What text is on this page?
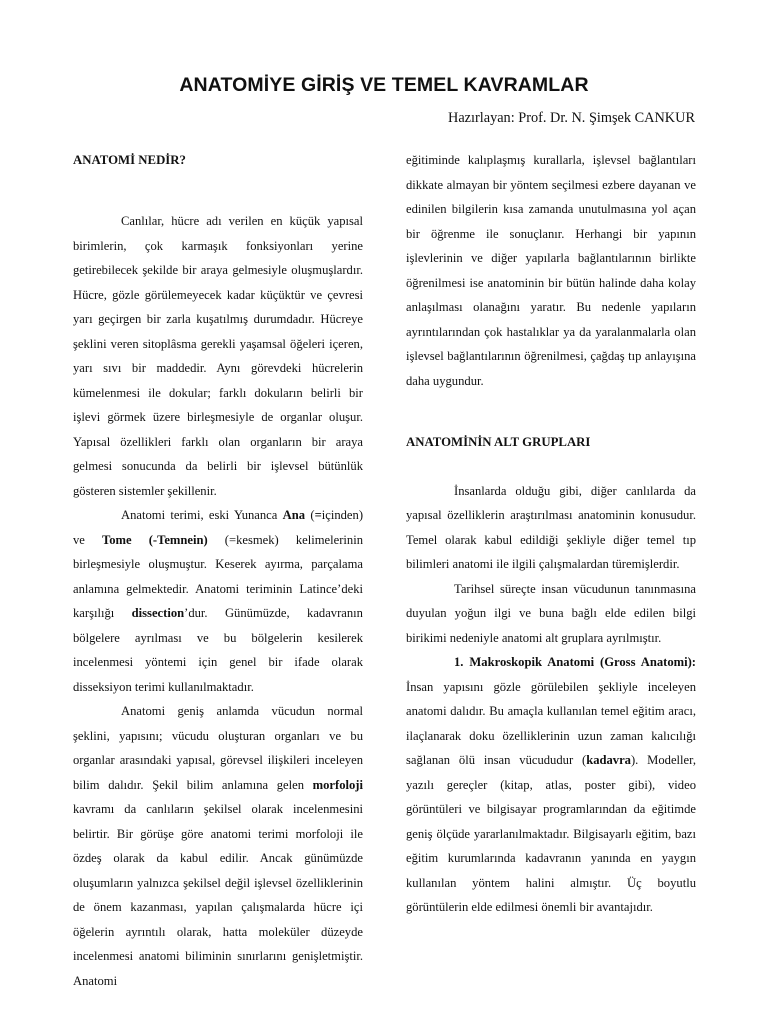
ANATOMİYE GİRİŞ VE TEMEL KAVRAMLAR
Hazırlayan: Prof. Dr. N. Şimşek CANKUR
ANATOMİ NEDİR?

Canlılar, hücre adı verilen en küçük yapısal birimlerin, çok karmaşık fonksiyonları yerine getirebilecek şekilde bir araya gelmesiyle oluşmuşlardır. Hücre, gözle görülemeyecek kadar küçüktür ve çevresi yarı geçirgen bir zarla kuşatılmış durumdadır. Hücreye şeklini veren sitoplâsma gerekli yaşamsal öğeleri içeren, yarı sıvı bir maddedir. Aynı görevdeki hücrelerin kümelenmesi ile dokular; farklı dokuların belirli bir işlevi görmek üzere birleşmesiyle de organlar oluşur. Yapısal özellikleri farklı olan organların bir araya gelmesi sonucunda da belirli bir işlevsel bütünlük gösteren sistemler şekillenir.

Anatomi terimi, eski Yunanca Ana (=içinden) ve Tome (-Temnein) (=kesmek) kelimelerinin birleşmesiyle oluşmuştur. Keserek ayırma, parçalama anlamına gelmektedir. Anatomi teriminin Latince’deki karşılığı dissection’dur. Günümüzde, kadavranın bölgelere ayrılması ve bu bölgelerin kesilerek incelenmesi yöntemi için genel bir ifade olarak disseksiyon terimi kullanılmaktadır.

Anatomi geniş anlamda vücudun normal şeklini, yapısını; vücudu oluşturan organları ve bu organlar arasındaki yapısal, görevsel ilişkileri inceleyen bilim dalıdır. Şekil bilim anlamına gelen morfoloji kavramı da canlıların şekilsel olarak incelenmesini belirtir. Bir görüşe göre anatomi terimi morfoloji ile özdeş olarak da kabul edilir. Ancak günümüzde oluşumların yalnızca şekilsel değil işlevsel özelliklerinin de önem kazanması, yapılan çalışmalarda hücre içi öğelerin ayrıntılı olarak, hatta moleküler düzeyde incelenmesi anatomi biliminin sınırlarını genişletmiştir. Anatomi

eğitiminde kalıplaşmış kurallarla, işlevsel bağlantıları dikkate almayan bir yöntem seçilmesi ezbere dayanan ve edinilen bilgilerin kısa zamanda unutulmasına yol açan bir öğrenme ile sonuçlanır. Herhangi bir yapının işlevlerinin ve diğer yapılarla bağlantılarının birlikte öğrenilmesi ise anatominin bir bütün halinde daha kolay anlaşılması olanağını yaratır. Bu nedenle yapıların ayrıntılarından çok hastalıklar ya da yaralanmalarla olan işlevsel bağlantılarının öğrenilmesi, çağdaş tıp anlayışına daha uygundur.

ANATOMİNİN ALT GRUPLARI

İnsanlarda olduğu gibi, diğer canlılarda da yapısal özelliklerin araştırılması anatominin konusudur. Temel olarak kabul edildiği şekliyle diğer temel tıp bilimleri anatomi ile ilgili çalışmalardan türemişlerdir.

Tarihsel süreçte insan vücudunun tanınmasına duyulan yoğun ilgi ve buna bağlı elde edilen bilgi birikimi nedeniyle anatomi alt gruplara ayrılmıştır.

1. Makroskopik Anatomi (Gross Anatomi): İnsan yapısını gözle görülebilen şekliyle inceleyen anatomi dalıdır. Bu amaçla kullanılan temel eğitim aracı, ilaçlanarak doku özelliklerinin uzun zaman kalıcılığı sağlanan ölü insan vücududur (kadavra). Modeller, yazılı gereçler (kitap, atlas, poster gibi), video görüntüleri ve bilgisayar programlarından da eğitimde geniş ölçüde yararlanılmaktadır. Bilgisayarlı eğitim, bazı eğitim kurumlarında kadavranın yanında en yaygın kullanılan yöntem halini almıştır. Üç boyutlu görüntülerin elde edilmesi önemli bir avantajıdır.
